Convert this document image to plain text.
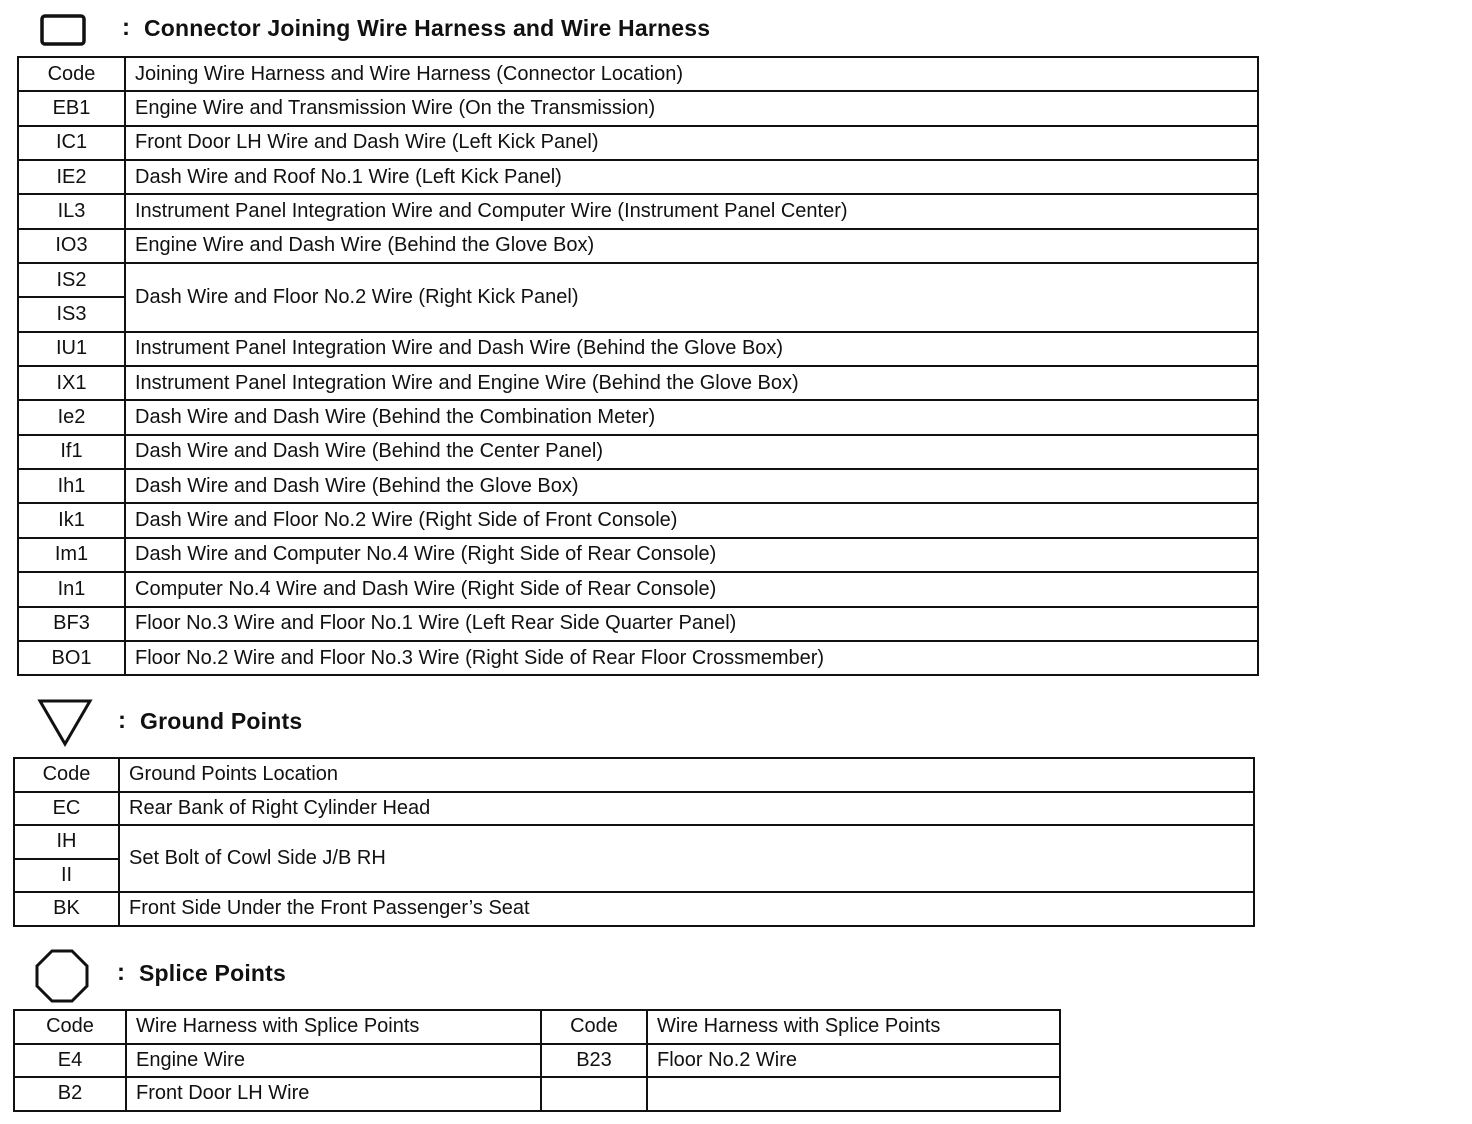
: Connector Joining Wire Harness and Wire Harness
Code	Joining Wire Harness and Wire Harness (Connector Location)
EB1	Engine Wire and Transmission Wire (On the Transmission)
IC1	Front Door LH Wire and Dash Wire (Left Kick Panel)
IE2	Dash Wire and Roof No.1 Wire (Left Kick Panel)
IL3	Instrument Panel Integration Wire and Computer Wire (Instrument Panel Center)
IO3	Engine Wire and Dash Wire (Behind the Glove Box)
IS2	Dash Wire and Floor No.2 Wire (Right Kick Panel)
IS3	
IU1	Instrument Panel Integration Wire and Dash Wire (Behind the Glove Box)
IX1	Instrument Panel Integration Wire and Engine Wire (Behind the Glove Box)
Ie2	Dash Wire and Dash Wire (Behind the Combination Meter)
If1	Dash Wire and Dash Wire (Behind the Center Panel)
Ih1	Dash Wire and Dash Wire (Behind the Glove Box)
Ik1	Dash Wire and Floor No.2 Wire (Right Side of Front Console)
Im1	Dash Wire and Computer No.4 Wire (Right Side of Rear Console)
In1	Computer No.4 Wire and Dash Wire (Right Side of Rear Console)
BF3	Floor No.3 Wire and Floor No.1 Wire (Left Rear Side Quarter Panel)
BO1	Floor No.2 Wire and Floor No.3 Wire (Right Side of Rear Floor Crossmember)
: Ground Points
Code	Ground Points Location
EC	Rear Bank of Right Cylinder Head
IH	Set Bolt of Cowl Side J/B RH
II	
BK	Front Side Under the Front Passenger’s Seat
: Splice Points
Code	Wire Harness with Splice Points	Code	Wire Harness with Splice Points
E4	Engine Wire	B23	Floor No.2 Wire
B2	Front Door LH Wire		
